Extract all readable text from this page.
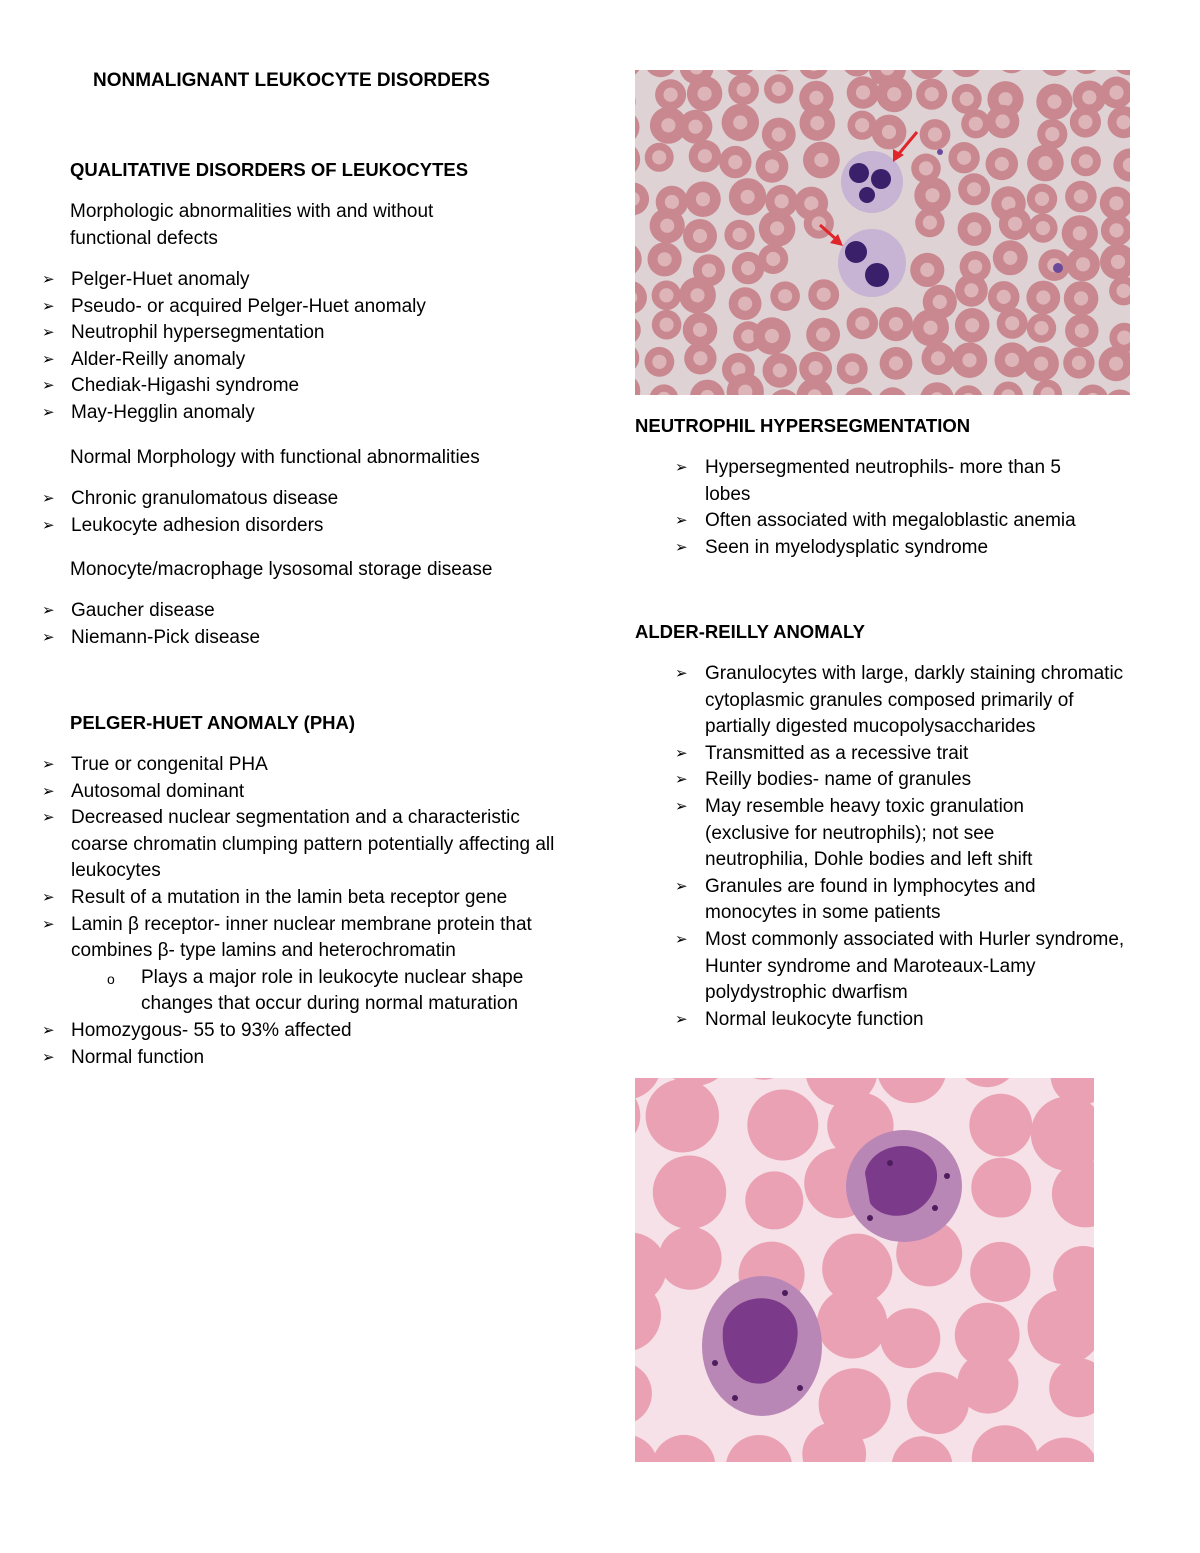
NONMALIGNANT LEUKOCYTE DISORDERS
QUALITATIVE DISORDERS OF LEUKOCYTES

Morphologic abnormalities with and without functional defects

➢ Pelger-Huet anomaly
➢ Pseudo- or acquired Pelger-Huet anomaly
➢ Neutrophil hypersegmentation
➢ Alder-Reilly anomaly
➢ Chediak-Higashi syndrome
➢ May-Hegglin anomaly

Normal Morphology with functional abnormalities

➢ Chronic granulomatous disease
➢ Leukocyte adhesion disorders

Monocyte/macrophage lysosomal storage disease

➢ Gaucher disease
➢ Niemann-Pick disease
PELGER-HUET ANOMALY (PHA)
➢ True or congenital PHA
➢ Autosomal dominant
➢ Decreased nuclear segmentation and a characteristic coarse chromatin clumping pattern potentially affecting all leukocytes
➢ Result of a mutation in the lamin beta receptor gene
➢ Lamin β receptor- inner nuclear membrane protein that combines β- type lamins and heterochromatin
o Plays a major role in leukocyte nuclear shape changes that occur during normal maturation
➢ Homozygous- 55 to 93% affected
➢ Normal function
NEUTROPHIL HYPERSEGMENTATION
➢ Hypersegmented neutrophils- more than 5 lobes
➢ Often associated with megaloblastic anemia
➢ Seen in myelodysplatic syndrome
ALDER-REILLY ANOMALY
➢ Granulocytes with large, darkly staining chromatic cytoplasmic granules composed primarily of partially digested mucopolysaccharides
➢ Transmitted as a recessive trait
➢ Reilly bodies- name of granules
➢ May resemble heavy toxic granulation (exclusive for neutrophils); not see neutrophilia, Dohle bodies and left shift
➢ Granules are found in lymphocytes and monocytes in some patients
➢ Most commonly associated with Hurler syndrome, Hunter syndrome and Maroteaux-Lamy polydystrophic dwarfism
➢ Normal leukocyte function
